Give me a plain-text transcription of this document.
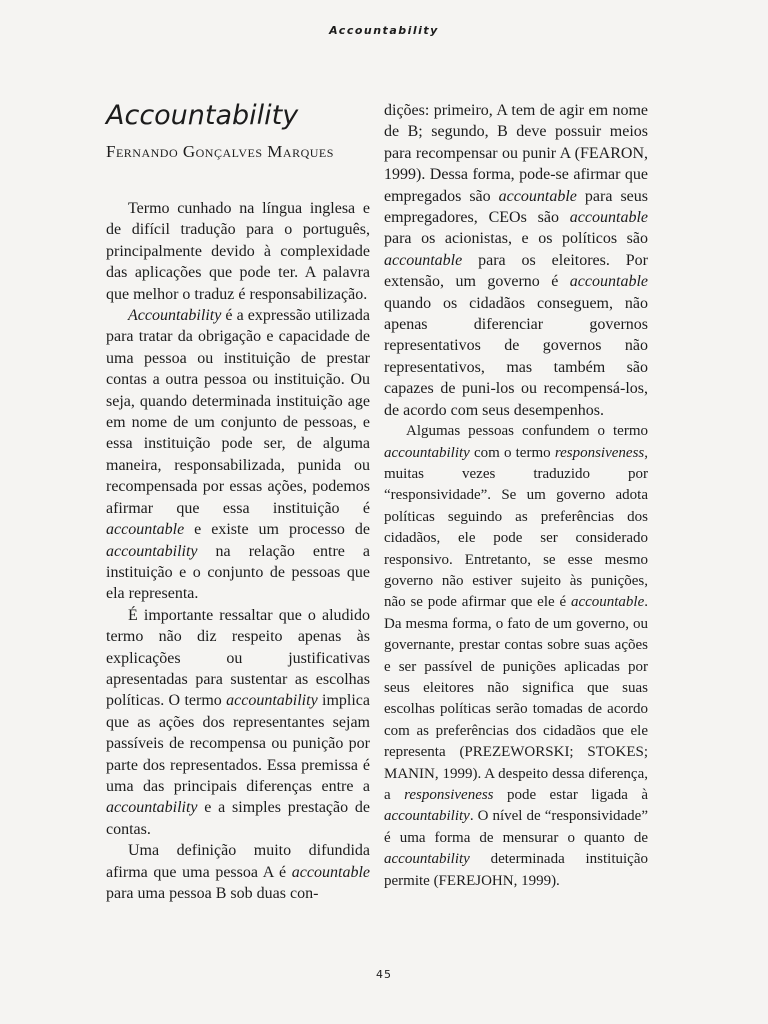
Accountability
Accountability
Fernando Gonçalves Marques

Termo cunhado na língua inglesa e de difícil tradução para o português, principalmente devido à complexidade das aplicações que pode ter. A palavra que melhor o traduz é responsabilização.

Accountability é a expressão utilizada para tratar da obrigação e capacidade de uma pessoa ou instituição de prestar contas a outra pessoa ou instituição. Ou seja, quando determinada instituição age em nome de um conjunto de pessoas, e essa instituição pode ser, de alguma maneira, responsabilizada, punida ou recompensada por essas ações, podemos afirmar que essa instituição é accountable e existe um processo de accountability na relação entre a instituição e o conjunto de pessoas que ela representa.

É importante ressaltar que o aludido termo não diz respeito apenas às explicações ou justificativas apresentadas para sustentar as escolhas políticas. O termo accountability implica que as ações dos representantes sejam passíveis de recompensa ou punição por parte dos representados. Essa premissa é uma das principais diferenças entre a accountability e a simples prestação de contas.

Uma definição muito difundida afirma que uma pessoa A é accountable para uma pessoa B sob duas con-

dições: primeiro, A tem de agir em nome de B; segundo, B deve possuir meios para recompensar ou punir A (FEARON, 1999). Dessa forma, pode-se afirmar que empregados são accountable para seus empregadores, CEOs são accountable para os acionistas, e os políticos são accountable para os eleitores. Por extensão, um governo é accountable quando os cidadãos conseguem, não apenas diferenciar governos representativos de governos não representativos, mas também são capazes de puni-los ou recompensá-los, de acordo com seus desempenhos.

Algumas pessoas confundem o termo accountability com o termo responsiveness, muitas vezes traduzido por “responsividade”. Se um governo adota políticas seguindo as preferências dos cidadãos, ele pode ser considerado responsivo. Entretanto, se esse mesmo governo não estiver sujeito às punições, não se pode afirmar que ele é accountable. Da mesma forma, o fato de um governo, ou governante, prestar contas sobre suas ações e ser passível de punições aplicadas por seus eleitores não significa que suas escolhas políticas serão tomadas de acordo com as preferências dos cidadãos que ele representa (PREZEWORSKI; STOKES; MANIN, 1999). A despeito dessa diferença, a responsiveness pode estar ligada à accountability. O nível de “responsividade” é uma forma de mensurar o quanto de accountability determinada instituição permite (FEREJOHN, 1999).

45
